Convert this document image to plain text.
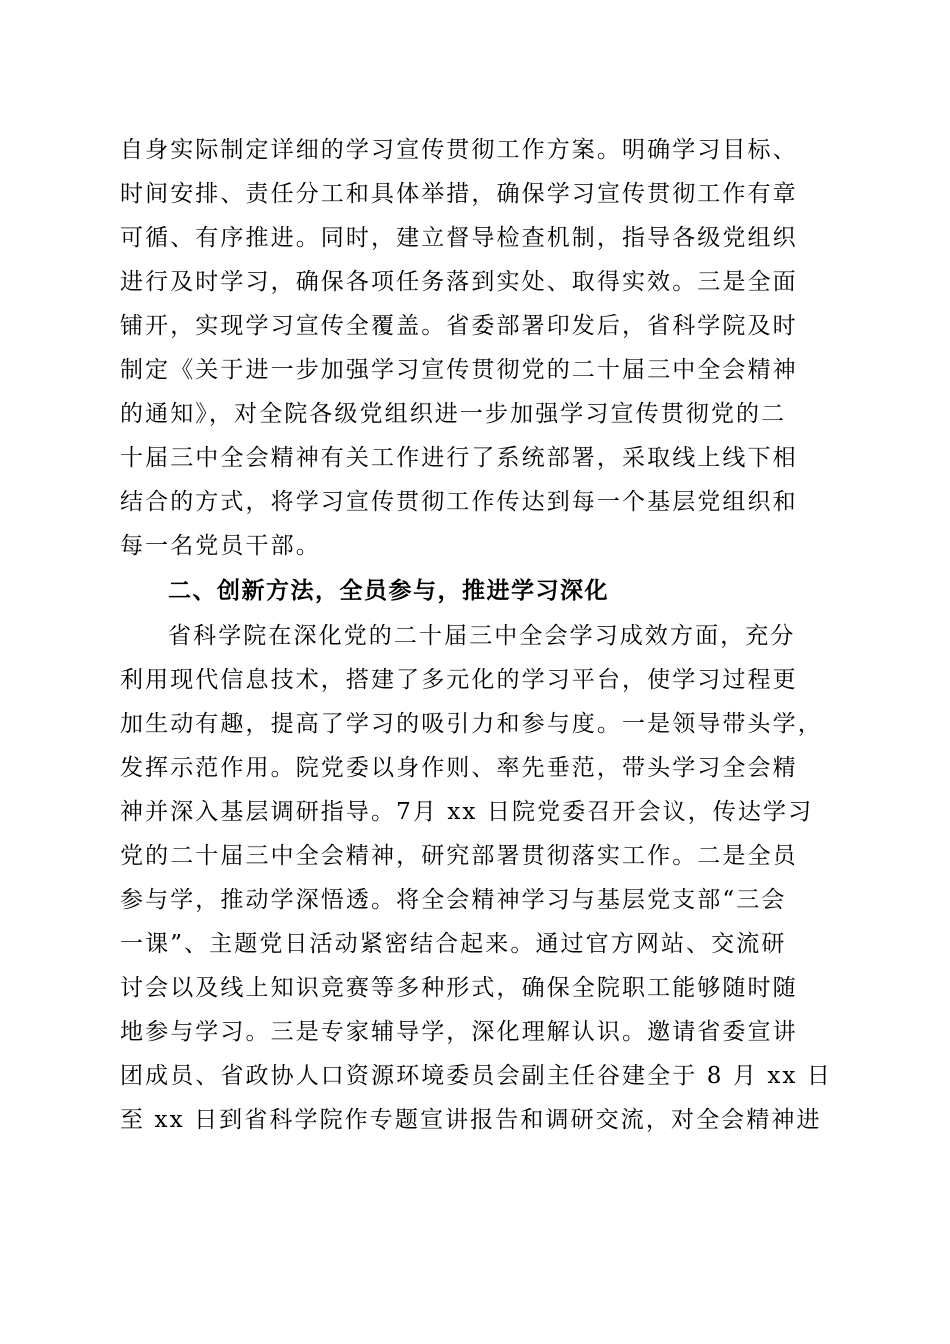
自身实际制定详细的学习宣传贯彻工作方案。明确学习目标、
时间安排、责任分工和具体举措，确保学习宣传贯彻工作有章
可循、有序推进。同时，建立督导检查机制，指导各级党组织
进行及时学习，确保各项任务落到实处、取得实效。三是全面
铺开，实现学习宣传全覆盖。省委部署印发后，省科学院及时
制定《关于进一步加强学习宣传贯彻党的二十届三中全会精神
的通知》，对全院各级党组织进一步加强学习宣传贯彻党的二
十届三中全会精神有关工作进行了系统部署，采取线上线下相
结合的方式，将学习宣传贯彻工作传达到每一个基层党组织和
每一名党员干部。
二、创新方法，全员参与，推进学习深化
省科学院在深化党的二十届三中全会学习成效方面，充分
利用现代信息技术，搭建了多元化的学习平台，使学习过程更
加生动有趣，提高了学习的吸引力和参与度。一是领导带头学，
发挥示范作用。院党委以身作则、率先垂范，带头学习全会精
神并深入基层调研指导。7月 xx 日院党委召开会议，传达学习
党的二十届三中全会精神，研究部署贯彻落实工作。二是全员
参与学，推动学深悟透。将全会精神学习与基层党支部“三会
一课”、主题党日活动紧密结合起来。通过官方网站、交流研
讨会以及线上知识竞赛等多种形式，确保全院职工能够随时随
地参与学习。三是专家辅导学，深化理解认识。邀请省委宣讲
团成员、省政协人口资源环境委员会副主任谷建全于 8 月 xx 日
至 xx 日到省科学院作专题宣讲报告和调研交流，对全会精神进
